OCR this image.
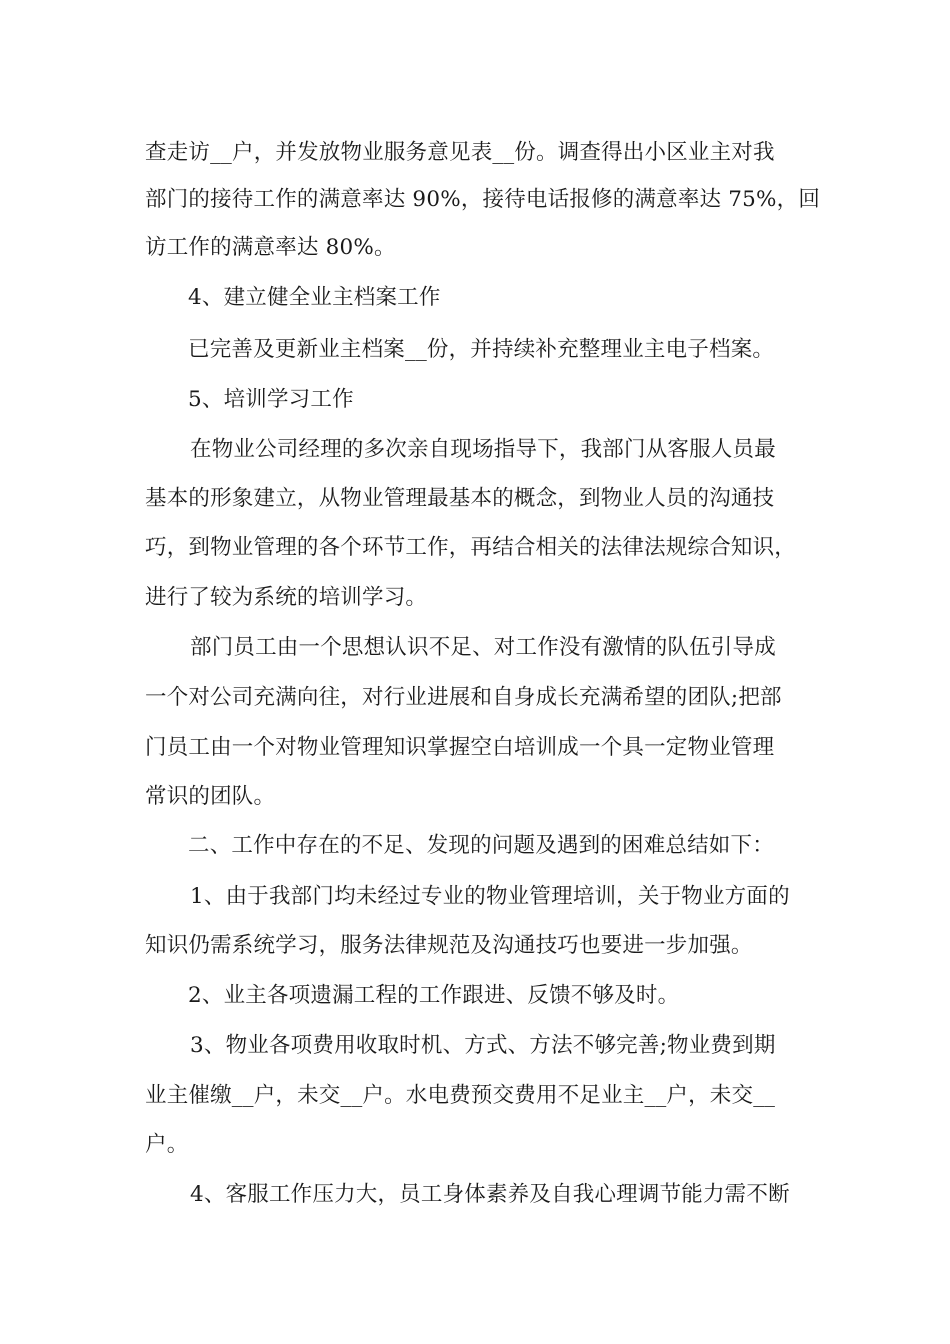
查走访__户，并发放物业服务意见表__份。调查得出小区业主对我
部门的接待工作的满意率达 90%，接待电话报修的满意率达 75%，回
访工作的满意率达 80%。
4、建立健全业主档案工作
已完善及更新业主档案__份，并持续补充整理业主电子档案。
5、培训学习工作
在物业公司经理的多次亲自现场指导下，我部门从客服人员最
基本的形象建立，从物业管理最基本的概念，到物业人员的沟通技
巧，到物业管理的各个环节工作，再结合相关的法律法规综合知识，
进行了较为系统的培训学习。
部门员工由一个思想认识不足、对工作没有激情的队伍引导成
一个对公司充满向往，对行业进展和自身成长充满希望的团队;把部
门员工由一个对物业管理知识掌握空白培训成一个具一定物业管理
常识的团队。
二、工作中存在的不足、发现的问题及遇到的困难总结如下：
1、由于我部门均未经过专业的物业管理培训，关于物业方面的
知识仍需系统学习，服务法律规范及沟通技巧也要进一步加强。
2、业主各项遗漏工程的工作跟进、反馈不够及时。
3、物业各项费用收取时机、方式、方法不够完善;物业费到期
业主催缴__户，未交__户。水电费预交费用不足业主__户，未交__
户。
4、客服工作压力大，员工身体素养及自我心理调节能力需不断
